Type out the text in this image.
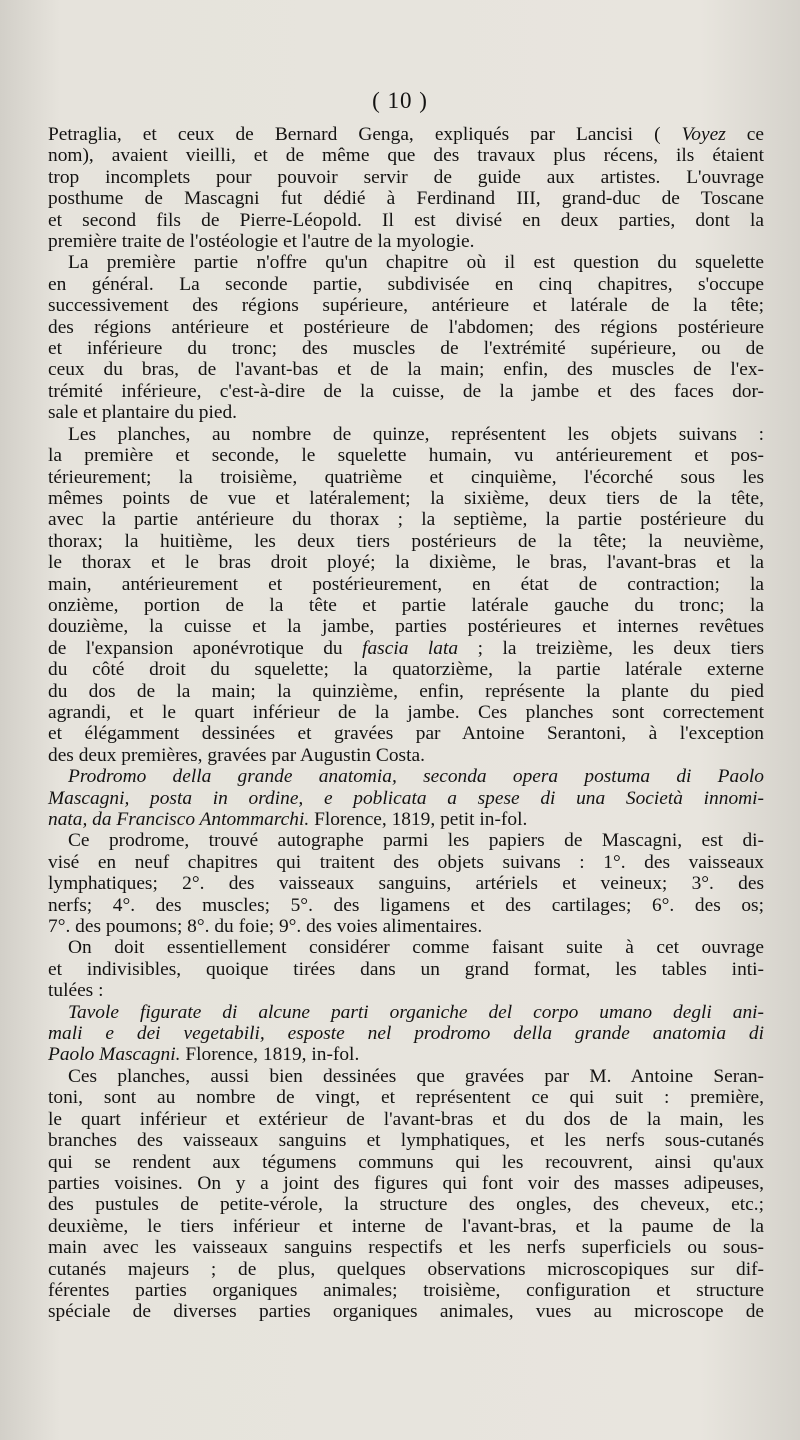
( 10 )
Petraglia, et ceux de Bernard Genga, expliqués par Lancisi ( Voyez ce
nom), avaient vieilli, et de même que des travaux plus récens, ils étaient
trop incomplets pour pouvoir servir de guide aux artistes. L'ouvrage
posthume de Mascagni fut dédié à Ferdinand III, grand-duc de Toscane
et second fils de Pierre-Léopold. Il est divisé en deux parties, dont la
première traite de l'ostéologie et l'autre de la myologie.
La première partie n'offre qu'un chapitre où il est question du squelette
en général. La seconde partie, subdivisée en cinq chapitres, s'occupe
successivement des régions supérieure, antérieure et latérale de la tête;
des régions antérieure et postérieure de l'abdomen; des régions postérieure
et inférieure du tronc; des muscles de l'extrémité supérieure, ou de
ceux du bras, de l'avant-bas et de la main; enfin, des muscles de l'ex-
trémité inférieure, c'est-à-dire de la cuisse, de la jambe et des faces dor-
sale et plantaire du pied.
Les planches, au nombre de quinze, représentent les objets suivans :
la première et seconde, le squelette humain, vu antérieurement et pos-
térieurement; la troisième, quatrième et cinquième, l'écorché sous les
mêmes points de vue et latéralement; la sixième, deux tiers de la tête,
avec la partie antérieure du thorax ; la septième, la partie postérieure du
thorax; la huitième, les deux tiers postérieurs de la tête; la neuvième,
le thorax et le bras droit ployé; la dixième, le bras, l'avant-bras et la
main, antérieurement et postérieurement, en état de contraction; la
onzième, portion de la tête et partie latérale gauche du tronc; la
douzième, la cuisse et la jambe, parties postérieures et internes revêtues
de l'expansion aponévrotique du fascia lata ; la treizième, les deux tiers
du côté droit du squelette; la quatorzième, la partie latérale externe
du dos de la main; la quinzième, enfin, représente la plante du pied
agrandi, et le quart inférieur de la jambe. Ces planches sont correctement
et élégamment dessinées et gravées par Antoine Serantoni, à l'exception
des deux premières, gravées par Augustin Costa.
Prodromo della grande anatomia, seconda opera postuma di Paolo
Mascagni, posta in ordine, e poblicata a spese di una Società innomi-
nata, da Francisco Antommarchi. Florence, 1819, petit in-fol.
Ce prodrome, trouvé autographe parmi les papiers de Mascagni, est di-
visé en neuf chapitres qui traitent des objets suivans : 1°. des vaisseaux
lymphatiques; 2°. des vaisseaux sanguins, artériels et veineux; 3°. des
nerfs; 4°. des muscles; 5°. des ligamens et des cartilages; 6°. des os;
7°. des poumons; 8°. du foie; 9°. des voies alimentaires.
On doit essentiellement considérer comme faisant suite à cet ouvrage
et indivisibles, quoique tirées dans un grand format, les tables inti-
tulées :
Tavole figurate di alcune parti organiche del corpo umano degli ani-
mali e dei vegetabili, esposte nel prodromo della grande anatomia di
Paolo Mascagni. Florence, 1819, in-fol.
Ces planches, aussi bien dessinées que gravées par M. Antoine Seran-
toni, sont au nombre de vingt, et représentent ce qui suit : première,
le quart inférieur et extérieur de l'avant-bras et du dos de la main, les
branches des vaisseaux sanguins et lymphatiques, et les nerfs sous-cutanés
qui se rendent aux tégumens communs qui les recouvrent, ainsi qu'aux
parties voisines. On y a joint des figures qui font voir des masses adipeuses,
des pustules de petite-vérole, la structure des ongles, des cheveux, etc.;
deuxième, le tiers inférieur et interne de l'avant-bras, et la paume de la
main avec les vaisseaux sanguins respectifs et les nerfs superficiels ou sous-
cutanés majeurs ; de plus, quelques observations microscopiques sur dif-
férentes parties organiques animales; troisième, configuration et structure
spéciale de diverses parties organiques animales, vues au microscope de
